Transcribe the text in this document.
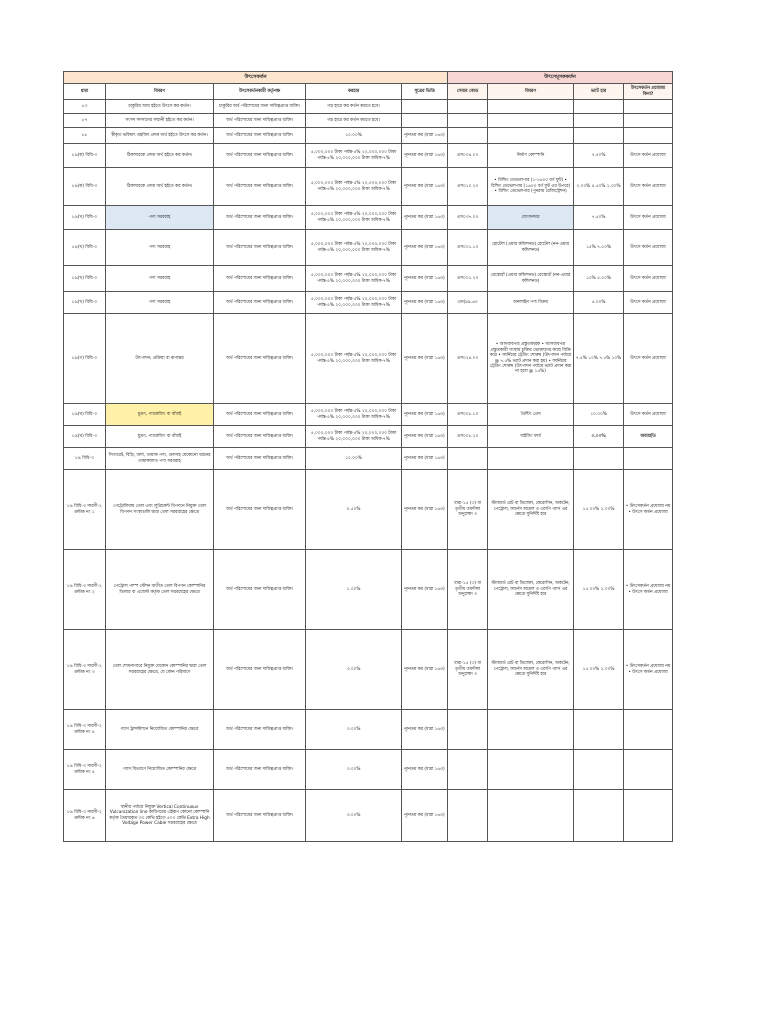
উৎসেকর্তন					উৎসেমূসককর্তন			
ধারা	বিবরণ	উৎসেকর্তনকারী কর্তৃপক্ষ	করহার	সূত্রের ভিত্তি	সেবার কোড	বিবরণ	ভ্যাট হার	উৎসেকর্তন প্রযোজ্য কিনা?
৮৩	চাকুরির আয় হইতে উৎসে কর কর্তন।	চাকুরির অর্থ পরিশোধের জন্য দায়িত্বপ্রাপ্ত ব্যক্তি।	গড় হারে কর কর্তন করতে হবে।					
৮৭	সংসদ সদস্যদের সম্মানী হইতে কর কর্তন।	অর্থ পরিশোধের জন্য দায়িত্বপ্রাপ্ত ব্যক্তি।	গড় হারে কর কর্তন করতে হবে।					
৮৮	স্বীকৃত ভবিষ্যৎ তহবিল প্রদত্ত অর্থ হইতে উৎসে কর কর্তন।	অর্থ পরিশোধের জন্য দায়িত্বপ্রাপ্ত ব্যক্তি।	১০.০০%	ন্যূনতম কর (ধারা ১৬৩)				
৮৯(ক) বিধি-৩	ঠিকাদারকে প্রদত্ত অর্থ হইতে কর কর্তন।	অর্থ পরিশোধের জন্য দায়িত্বপ্রাপ্ত ব্যক্তি।	৫,০০০,০০০ টাকা পর্যন্ত-৫% ২০,০০০,০০০ টাকা পর্যন্ত-৫% ২০,০০০,০০০ টাকা অধিক-৭%	ন্যূনতম কর (ধারা ১৬৩)	এস০০৪.০০	নির্মাণ কোম্পানি	৭.৫০%	উৎসে কর্তন প্রযোজ্য
৮৯(ক) বিধি-৩	ঠিকাদারকে প্রদত্ত অর্থ হইতে কর কর্তন।	অর্থ পরিশোধের জন্য দায়িত্বপ্রাপ্ত ব্যক্তি।	৫,০০০,০০০ টাকা পর্যন্ত-৫% ২০,০০০,০০০ টাকা পর্যন্ত-৫% ২০,০০০,০০০ টাকা অধিক-৭%	ন্যূনতম কর (ধারা ১৬৩)	এস০১০.২০	• বিল্ডিং ডেভেলপার (১-১৬০০ বর্গ ফুট) • বিল্ডিং ডেভেলপার (১৬০০ বর্গ ফুট এর উপরে) • বিল্ডিং ডেভেলপার (পুনরায় রেজিস্ট্রেশন)	২.০০% ৪.৫০% ২.০০%	উৎসে কর্তন প্রযোজ্য
৮৯(খ) বিধি-৩	পণ্য সরবরাহ	অর্থ পরিশোধের জন্য দায়িত্বপ্রাপ্ত ব্যক্তি।	৫,০০০,০০০ টাকা পর্যন্ত-৫% ২০,০০০,০০০ টাকা পর্যন্ত-৫% ২০,০০০,০০০ টাকা অধিক-৭%	ন্যূনতম কর (ধারা ১৬৩)	এস০৩৭.০০	যোগানদার	৭.৫০%	উৎসে কর্তন প্রযোজ্য
৮৯(খ) বিধি-৩	পণ্য সরবরাহ	অর্থ পরিশোধের জন্য দায়িত্বপ্রাপ্ত ব্যক্তি।	৫,০০০,০০০ টাকা পর্যন্ত-৫% ২০,০০০,০০০ টাকা পর্যন্ত-৫% ২০,০০০,০০০ টাকা অধিক-৭%	ন্যূনতম কর (ধারা ১৬৩)	এস০০১.১০	হোটেল (এয়ার কন্ডিশনড) হোটেল (নন-এয়ার কন্ডিশনড)	১৫% ৭.৫০%	উৎসে কর্তন প্রযোজ্য
৮৯(খ) বিধি-৩	পণ্য সরবরাহ	অর্থ পরিশোধের জন্য দায়িত্বপ্রাপ্ত ব্যক্তি।	৫,০০০,০০০ টাকা পর্যন্ত-৫% ২০,০০০,০০০ টাকা পর্যন্ত-৫% ২০,০০০,০০০ টাকা অধিক-৭%	ন্যূনতম কর (ধারা ১৬৩)	এস০০১.২০	রেস্তোরাঁ (এয়ার কন্ডিশনড) রেস্তোরাঁ (নন-এয়ার কন্ডিশনড)	১০% ৫.০০%	উৎসে কর্তন প্রযোজ্য
৮৯(খ) বিধি-৩	পণ্য সরবরাহ	অর্থ পরিশোধের জন্য দায়িত্বপ্রাপ্ত ব্যক্তি।	৫,০০০,০০০ টাকা পর্যন্ত-৫% ২০,০০০,০০০ টাকা পর্যন্ত-৫% ২০,০০০,০০০ টাকা অধিক-৭%	ন্যূনতম কর (ধারা ১৬৩)	এস(৯৯.৬০	অনলাইন পণ্য বিক্রয়	৫.০০%	উৎসে কর্তন প্রযোজ্য
৮৯(গ) বিধি-৩	উৎপাদন, প্রক্রিয়া বা রূপান্তর	অর্থ পরিশোধের জন্য দায়িত্বপ্রাপ্ত ব্যক্তি।	৫,০০০,০০০ টাকা পর্যন্ত-৫% ২০,০০০,০০০ টাকা পর্যন্ত-৫% ২০,০০০,০০০ টাকা অধিক-৭%	ন্যূনতম কর (ধারা ১৬৩)	এস০২৪.০০	• আসবাবপত্র প্রস্তুতকারক • আসবাবপত্র প্রস্তুতকারী সংস্থার চুক্তির ভোক্তাদের কাছে বিক্রি করে • ফার্নিচার ট্রেডিং শোরুম (উৎপাদন পর্যায়ে @ ৭.৫% ভ্যাট প্রদান করা হয়) • ফার্নিচার ট্রেডিং শোরুম (উৎপাদন পর্যায়ে ভ্যাট প্রদান করা না হলে @ ১৫%)	৭.৫% ১০% ৭.৫% ১০%	উৎসে কর্তন প্রযোজ্য
৮৯(ঘ) বিধি-৩	মুদ্রণ, প্যাকেজিং বা বাঁধাই	অর্থ পরিশোধের জন্য দায়িত্বপ্রাপ্ত ব্যক্তি।	৫,০০০,০০০ টাকা পর্যন্ত-৫% ২০,০০০,০০০ টাকা পর্যন্ত-৫% ২০,০০০,০০০ টাকা অধিক-৭%	ন্যূনতম কর (ধারা ১৬৩)	এস০০৮.১০	প্রিন্টিং প্রেস	১০.০০%	উৎসে কর্তন প্রযোজ্য
৮৯(ঘ) বিধি-৩	মুদ্রণ, প্যাকেজিং বা বাঁধাই	অর্থ পরিশোধের জন্য দায়িত্বপ্রাপ্ত ব্যক্তি।	৫,০০০,০০০ টাকা পর্যন্ত-৫% ২০,০০০,০০০ টাকা পর্যন্ত-৫% ২০,০০০,০০০ টাকা অধিক-৭%	ন্যূনতম কর (ধারা ১৬৩)	এস০০৮.২০	বাইন্ডিং ফার্ম	০.০০%	অব্যাহতি
৮৯ বিধি-৩	সিগারেট, বিড়ি, জর্দা, তামাক পণ্য, গুলসহ যেকোনো ধরনের তামাকজাত পণ্য সরবরাহ	অর্থ পরিশোধের জন্য দায়িত্বপ্রাপ্ত ব্যক্তি।	১০.০০%	ন্যূনতম কর (ধারা ১৬৩)				
৮৯ বিধি-৩ সারণী-২ ক্রমিক নং ১	পেট্রোলিয়াম তেল এবং লুব্রিকেন্ট বিপণনে নিযুক্ত তেল বিপণন সংস্থাগুলি দ্বারা তেল সরবরাহের ক্ষেত্রে	অর্থ পরিশোধের জন্য দায়িত্বপ্রাপ্ত ব্যক্তি।	০.৫০%	ন্যূনতম কর (ধারা ১৬৩)	ধারা-১৫ (৩) বা তৃতীয় তফসিল অনুচ্ছেদ ৩	স্ট্যান্ডার্ড রেট বা ডিজেল, কেরোসিন, অকটেন, পেট্রোল, ফার্নেস অয়েল ও এলপি গ্যাস এর ক্ষেত্রে সুনির্দিষ্ট হার	১৫.০০% ২.০০%	• উৎসেকর্তন প্রযোজ্য নয় • উৎসে কর্তন প্রযোজ্য
৮৯ বিধি-৩ সারণী-২ ক্রমিক নং ২	পেট্রোল পাম্প স্টেশন ব্যতীত তেল বিপণন কোম্পানির ডিলার বা এজেন্ট কর্তৃক তেল সরবরাহের ক্ষেত্রে	অর্থ পরিশোধের জন্য দায়িত্বপ্রাপ্ত ব্যক্তি।	১.০০%	ন্যূনতম কর (ধারা ১৬৩)	ধারা-১৫ (৩) বা তৃতীয় তফসিল অনুচ্ছেদ ৩	স্ট্যান্ডার্ড রেট বা ডিজেল, কেরোসিন, অকটেন, পেট্রোল, ফার্নেস অয়েল ও এলপি গ্যাস এর ক্ষেত্রে সুনির্দিষ্ট হার	১৫.০০% ২.০০%	• উৎসেকর্তন প্রযোজ্য নয় • উৎসে কর্তন প্রযোজ্য
৮৯ বিধি-৩ সারণী-২ ক্রমিক নং ৩	তেল শোধনাগারে নিযুক্ত যেকোন কোম্পানির দ্বারা তেল সরবরাহের ক্ষেত্রে, যে কোন পরিমাণে	অর্থ পরিশোধের জন্য দায়িত্বপ্রাপ্ত ব্যক্তি।	৩.০০%	ন্যূনতম কর (ধারা ১৬৩)	ধারা-১৫ (৩) বা তৃতীয় তফসিল অনুচ্ছেদ ৩	স্ট্যান্ডার্ড রেট বা ডিজেল, কেরোসিন, অকটেন, পেট্রোল, ফার্নেস অয়েল ও এলপি গ্যাস এর ক্ষেত্রে সুনির্দিষ্ট হার	১৫.০০% ২.০০%	• উৎসেকর্তন প্রযোজ্য নয় • উৎসে কর্তন প্রযোজ্য
৮৯ বিধি-৩ সারণী-২ ক্রমিক নং ৪	গ্যাস ট্রান্সমিশনে নিয়োজিত কোম্পানির ক্ষেত্রে	অর্থ পরিশোধের জন্য দায়িত্বপ্রাপ্ত ব্যক্তি।	৩.০০%	ন্যূনতম কর (ধারা ১৬৩)				
৮৯ বিধি-৩ সারণী-২ ক্রমিক নং ৫	গ্যাস বিতরণে নিয়োজিত কোম্পানির ক্ষেত্রে	অর্থ পরিশোধের জন্য দায়িত্বপ্রাপ্ত ব্যক্তি।	৩.০০%	ন্যূনতম কর (ধারা ১৬৩)				
৮৯ বিধি-৩ সারণী-২ ক্রমিক নং ৬	স্থানীয় পর্যায়ে নিযুক্ত Vertical Continuous Vulcanization line কারিগরের এইরূপ কোনো কোম্পানি কর্তৃক তৈয়ারকৃত ৩৩ কেভি হইতে ৫০০ কেভি Extra High Voltage Power Cable সরবরাহের ক্ষেত্রে	অর্থ পরিশোধের জন্য দায়িত্বপ্রাপ্ত ব্যক্তি।	৩.০০%	ন্যূনতম কর (ধারা ১৬৩)				
